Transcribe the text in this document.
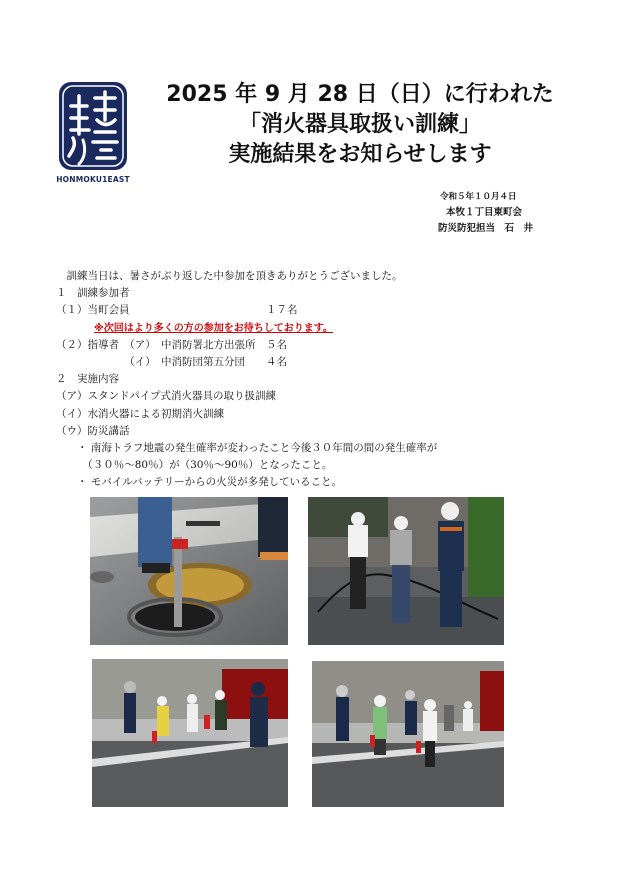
HONMOKU1EAST
2025 年 9 月 28 日（日）に行われた
「消火器具取扱い訓練」
実施結果をお知らせします
令和５年１０月４日
本牧１丁目東町会
防災防犯担当　石　井
　訓練当日は、暑さがぶり返した中参加を頂きありがとうございました。
１　訓練参加者
（１）当町会員　　　　　　　　　　　　　１７名
※次回はより多くの方の参加をお待ちしております。
（２）指導者　（ア）　中消防署北方出張所　５名
　　　　　　　（イ）　中消防団第五分団　　４名
２　実施内容
（ア）スタンドパイプ式消火器具の取り扱訓練
（イ）水消火器による初期消火訓練
（ウ）防災講話
　　・ 南海トラフ地震の発生確率が変わったこと今後３０年間の間の発生確率が
　　　（３０％～80％）が（30％～90％）となったこと。
　　・ モバイルバッテリーからの火災が多発していること。
